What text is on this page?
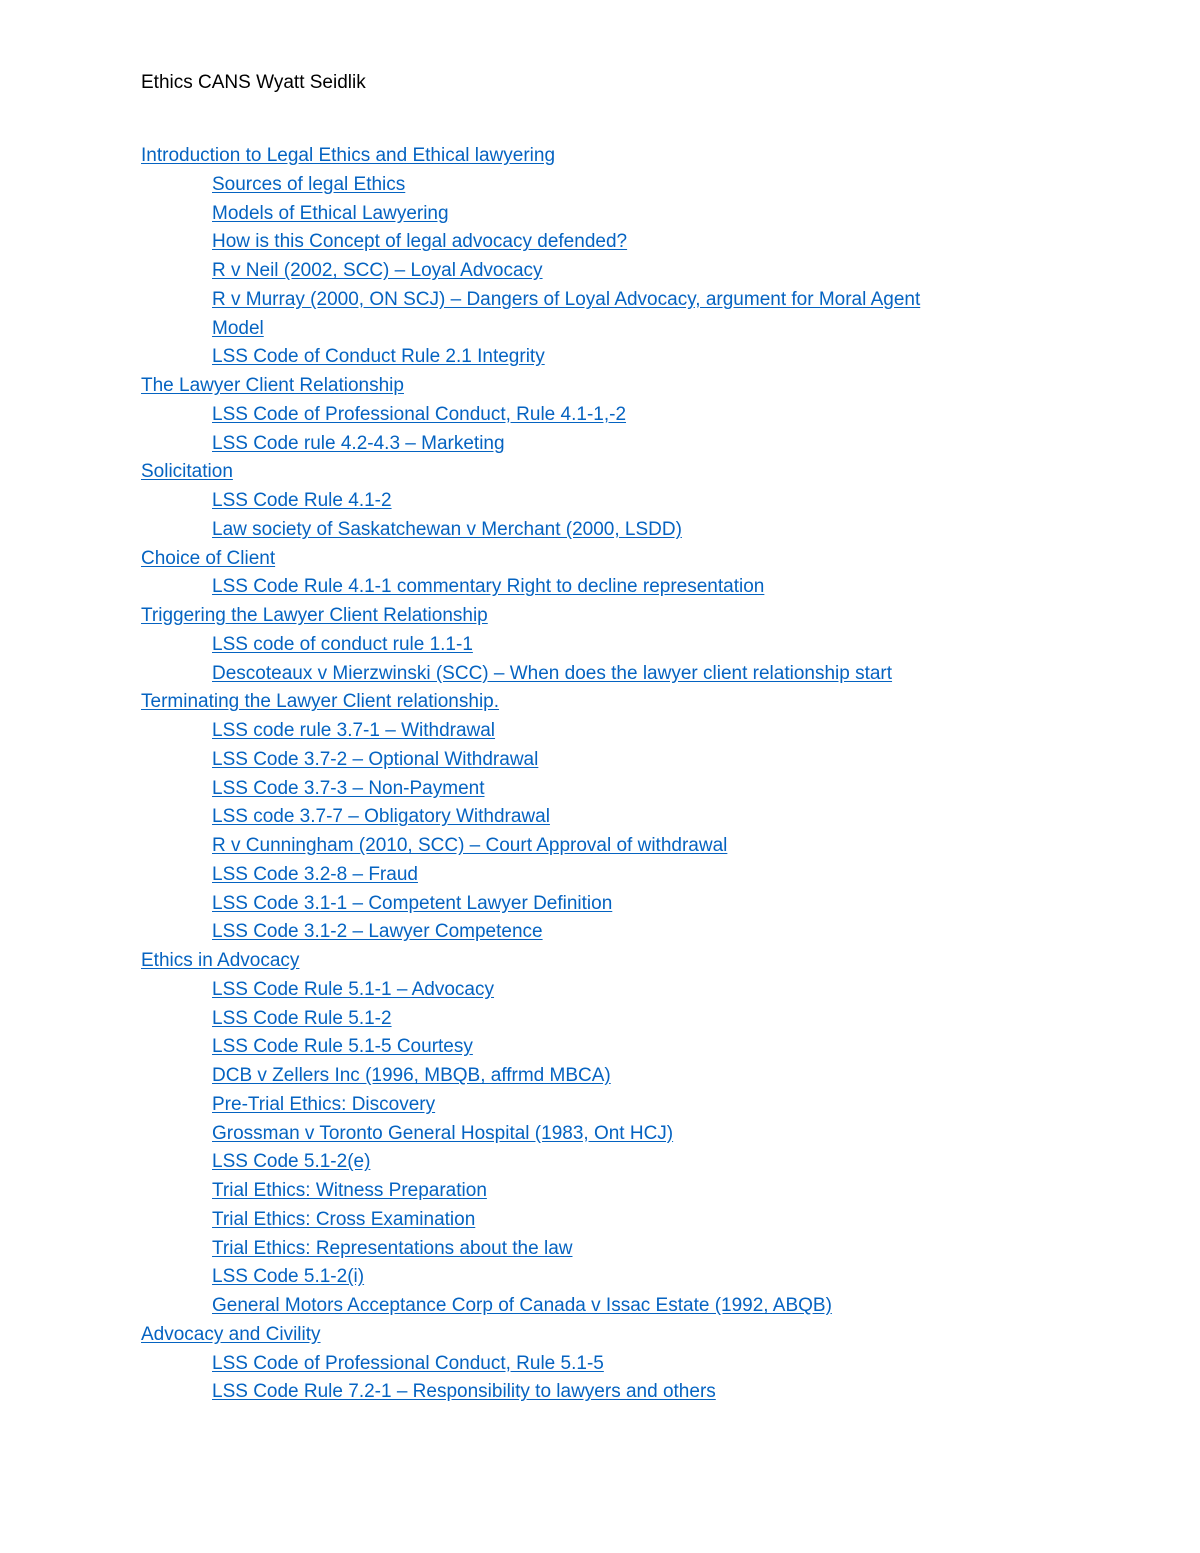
Ethics CANS Wyatt Seidlik
Introduction to Legal Ethics and Ethical lawyering
Sources of legal Ethics
Models of Ethical Lawyering
How is this Concept of legal advocacy defended?
R v Neil (2002, SCC) – Loyal Advocacy
R v Murray (2000, ON SCJ) – Dangers of Loyal Advocacy, argument for Moral Agent
Model
LSS Code of Conduct Rule 2.1 Integrity
The Lawyer Client Relationship
LSS Code of Professional Conduct, Rule 4.1-1,-2
LSS Code rule 4.2-4.3 – Marketing
Solicitation
LSS Code Rule 4.1-2
Law society of Saskatchewan v Merchant (2000, LSDD)
Choice of Client
LSS Code Rule 4.1-1 commentary Right to decline representation
Triggering the Lawyer Client Relationship
LSS code of conduct rule 1.1-1
Descoteaux v Mierzwinski (SCC) – When does the lawyer client relationship start
Terminating the Lawyer Client relationship.
LSS code rule 3.7-1 – Withdrawal
LSS Code 3.7-2 – Optional Withdrawal
LSS Code 3.7-3 – Non-Payment
LSS code 3.7-7 – Obligatory Withdrawal
R v Cunningham (2010, SCC) – Court Approval of withdrawal
LSS Code 3.2-8 – Fraud
LSS Code 3.1-1 – Competent Lawyer Definition
LSS Code 3.1-2 – Lawyer Competence
Ethics in Advocacy
LSS Code Rule 5.1-1 – Advocacy
LSS Code Rule 5.1-2
LSS Code Rule 5.1-5 Courtesy
DCB v Zellers Inc (1996, MBQB, affrmd MBCA)
Pre-Trial Ethics: Discovery
Grossman v Toronto General Hospital (1983, Ont HCJ)
LSS Code 5.1-2(e)
Trial Ethics: Witness Preparation
Trial Ethics: Cross Examination
Trial Ethics: Representations about the law
LSS Code 5.1-2(i)
General Motors Acceptance Corp of Canada v Issac Estate (1992, ABQB)
Advocacy and Civility
LSS Code of Professional Conduct, Rule 5.1-5
LSS Code Rule 7.2-1 – Responsibility to lawyers and others
